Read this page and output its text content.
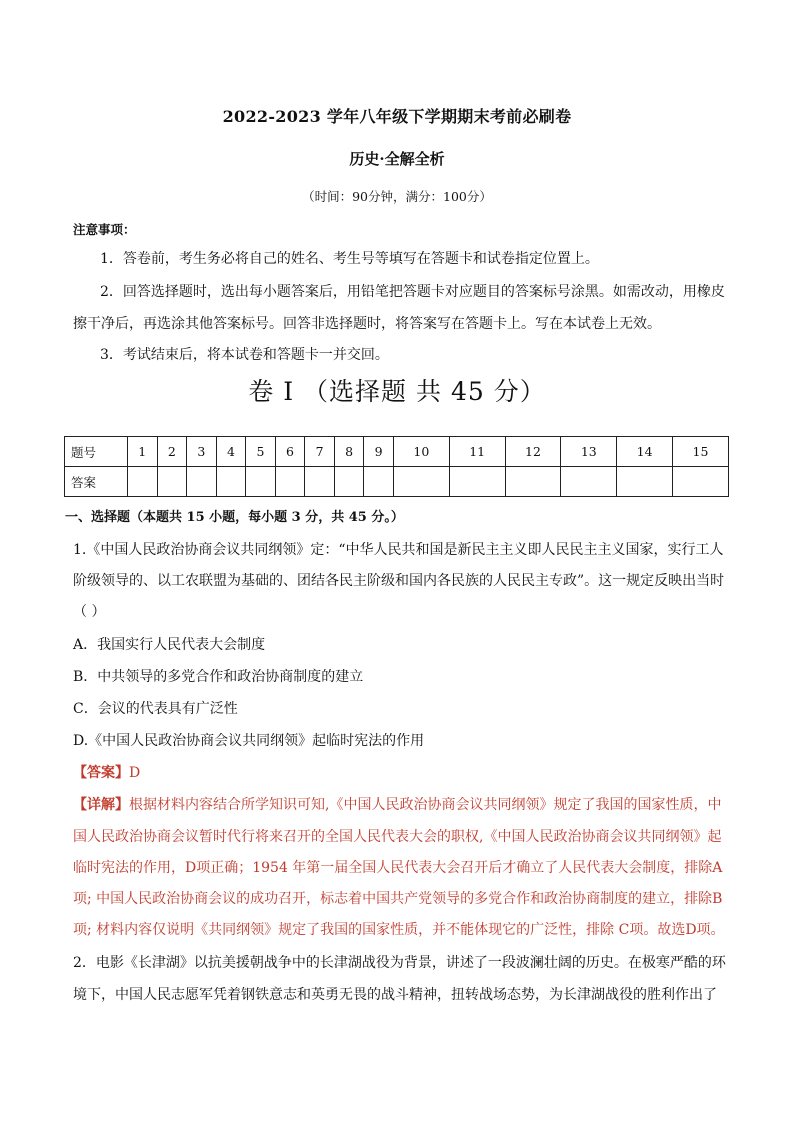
2022-2023 学年八年级下学期期末考前必刷卷
历史·全解全析
（时间：90分钟，满分：100分）
注意事项：
1．答卷前，考生务必将自己的姓名、考生号等填写在答题卡和试卷指定位置上。
2．回答选择题时，选出每小题答案后，用铅笔把答题卡对应题目的答案标号涂黑。如需改动，用橡皮
擦干净后，再选涂其他答案标号。回答非选择题时，将答案写在答题卡上。写在本试卷上无效。
3．考试结束后，将本试卷和答题卡一并交回。
卷 I （选择题 共 45 分）
题号	1	2	3	4	5	6	7	8	9	10	11	12	13	14	15
答案															
一、选择题（本题共 15 小题，每小题 3 分，共 45 分。）
1.《中国人民政治协商会议共同纲领》定：“中华人民共和国是新民主主义即人民民主主义国家，实行工人
阶级领导的、以工农联盟为基础的、团结各民主阶级和国内各民族的人民民主专政”。这一规定反映出当时
（ ）
A．我国实行人民代表大会制度
B．中共领导的多党合作和政治协商制度的建立
C．会议的代表具有广泛性
D.《中国人民政治协商会议共同纲领》起临时宪法的作用
【答案】D
【详解】根据材料内容结合所学知识可知,《中国人民政治协商会议共同纲领》规定了我国的国家性质，中
国人民政治协商会议暂时代行将来召开的全国人民代表大会的职权,《中国人民政治协商会议共同纲领》起
临时宪法的作用，D项正确；1954 年第一届全国人民代表大会召开后才确立了人民代表大会制度，排除A
项; 中国人民政治协商会议的成功召开，标志着中国共产党领导的多党合作和政治协商制度的建立，排除B
项; 材料内容仅说明《共同纲领》规定了我国的国家性质，并不能体现它的广泛性，排除 C项。故选D项。
2．电影《长津湖》以抗美援朝战争中的长津湖战役为背景，讲述了一段波澜壮阔的历史。在极寒严酷的环
境下，中国人民志愿军凭着钢铁意志和英勇无畏的战斗精神，扭转战场态势，为长津湖战役的胜利作出了
